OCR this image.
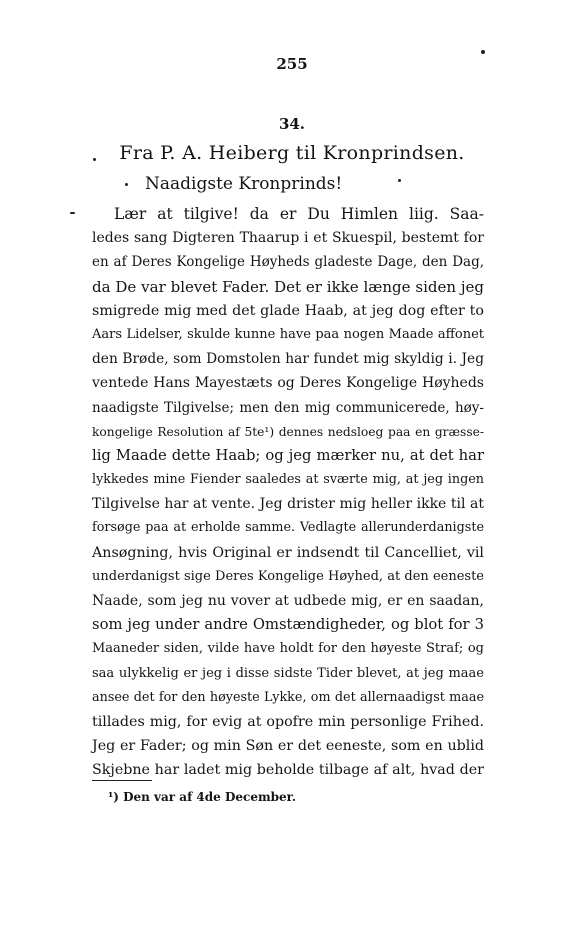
255
34.
Fra P. A. Heiberg til Kronprindsen.
Naadigste Kronprinds!
Lær at tilgive! da er Du Himlen liig. Saa-
ledes sang Digteren Thaarup i et Skuespil, bestemt for
en af Deres Kongelige Høyheds gladeste Dage, den Dag,
da De var blevet Fader. Det er ikke længe siden jeg
smigrede mig med det glade Haab, at jeg dog efter to
Aars Lidelser, skulde kunne have paa nogen Maade affonet
den Brøde, som Domstolen har fundet mig skyldig i. Jeg
ventede Hans Mayestæts og Deres Kongelige Høyheds
naadigste Tilgivelse; men den mig communicerede, høy-
kongelige Resolution af 5te¹) dennes nedsloeg paa en græsse-
lig Maade dette Haab; og jeg mærker nu, at det har
lykkedes mine Fiender saaledes at sværte mig, at jeg ingen
Tilgivelse har at vente. Jeg drister mig heller ikke til at
forsøge paa at erholde samme. Vedlagte allerunderdanigste
Ansøgning, hvis Original er indsendt til Cancelliet, vil
underdanigst sige Deres Kongelige Høyhed, at den eeneste
Naade, som jeg nu vover at udbede mig, er en saadan,
som jeg under andre Omstændigheder, og blot for 3
Maaneder siden, vilde have holdt for den høyeste Straf; og
saa ulykkelig er jeg i disse sidste Tider blevet, at jeg maae
ansee det for den høyeste Lykke, om det allernaadigst maae
tillades mig, for evig at opofre min personlige Frihed.
Jeg er Fader; og min Søn er det eeneste, som en ublid
Skjebne har ladet mig beholde tilbage af alt, hvad der
¹) Den var af 4de December.
